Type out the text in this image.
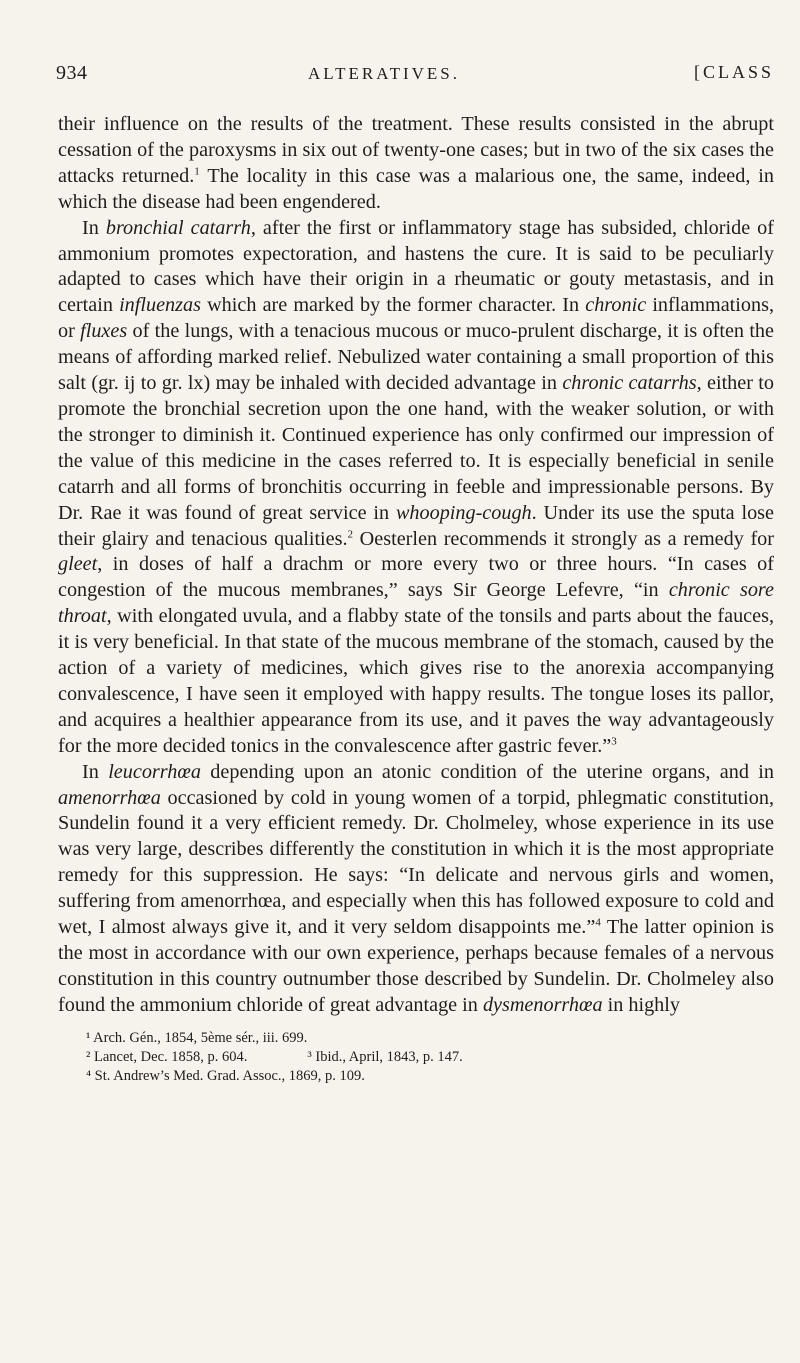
934	ALTERATIVES.	[CLASS

their influence on the results of the treatment. These results consisted in the abrupt cessation of the paroxysms in six out of twenty-one cases; but in two of the six cases the attacks returned.$^1$ The locality in this case was a malarious one, the same, indeed, in which the disease had been engendered.

In bronchial catarrh, after the first or inflammatory stage has subsided, chloride of ammonium promotes expectoration, and hastens the cure. It is said to be peculiarly adapted to cases which have their origin in a rheumatic or gouty metastasis, and in certain influenzas which are marked by the former character. In chronic inflammations, or fluxes of the lungs, with a tenacious mucous or muco-prulent discharge, it is often the means of affording marked relief. Nebulized water containing a small proportion of this salt (gr. ij to gr. lx) may be inhaled with decided advantage in chronic catarrhs, either to promote the bronchial secretion upon the one hand, with the weaker solution, or with the stronger to diminish it. Continued experience has only confirmed our impression of the value of this medicine in the cases referred to. It is especially beneficial in senile catarrh and all forms of bronchitis occurring in feeble and impressionable persons. By Dr. Rae it was found of great service in whooping-cough. Under its use the sputa lose their glairy and tenacious qualities.$^2$ Oesterlen recommends it strongly as a remedy for gleet, in doses of half a drachm or more every two or three hours. “In cases of congestion of the mucous membranes,” says Sir George Lefevre, “in chronic sore throat, with elongated uvula, and a flabby state of the tonsils and parts about the fauces, it is very beneficial. In that state of the mucous membrane of the stomach, caused by the action of a variety of medicines, which gives rise to the anorexia accompanying convalescence, I have seen it employed with happy results. The tongue loses its pallor, and acquires a healthier appearance from its use, and it paves the way advantageously for the more decided tonics in the convalescence after gastric fever.”$^3$

In leucorrhœa depending upon an atonic condition of the uterine organs, and in amenorrhœa occasioned by cold in young women of a torpid, phlegmatic constitution, Sundelin found it a very efficient remedy. Dr. Cholmeley, whose experience in its use was very large, describes differently the constitution in which it is the most appropriate remedy for this suppression. He says: “In delicate and nervous girls and women, suffering from amenorrhœa, and especially when this has followed exposure to cold and wet, I almost always give it, and it very seldom disappoints me.”$^4$ The latter opinion is the most in accordance with our own experience, perhaps because females of a nervous constitution in this country outnumber those described by Sundelin. Dr. Cholmeley also found the ammonium chloride of great advantage in dysmenorrhœa in highly

¹ Arch. Gén., 1854, 5ème sér., iii. 699.
² Lancet, Dec. 1858, p. 604.	³ Ibid., April, 1843, p. 147.
⁴ St. Andrew’s Med. Grad. Assoc., 1869, p. 109.
